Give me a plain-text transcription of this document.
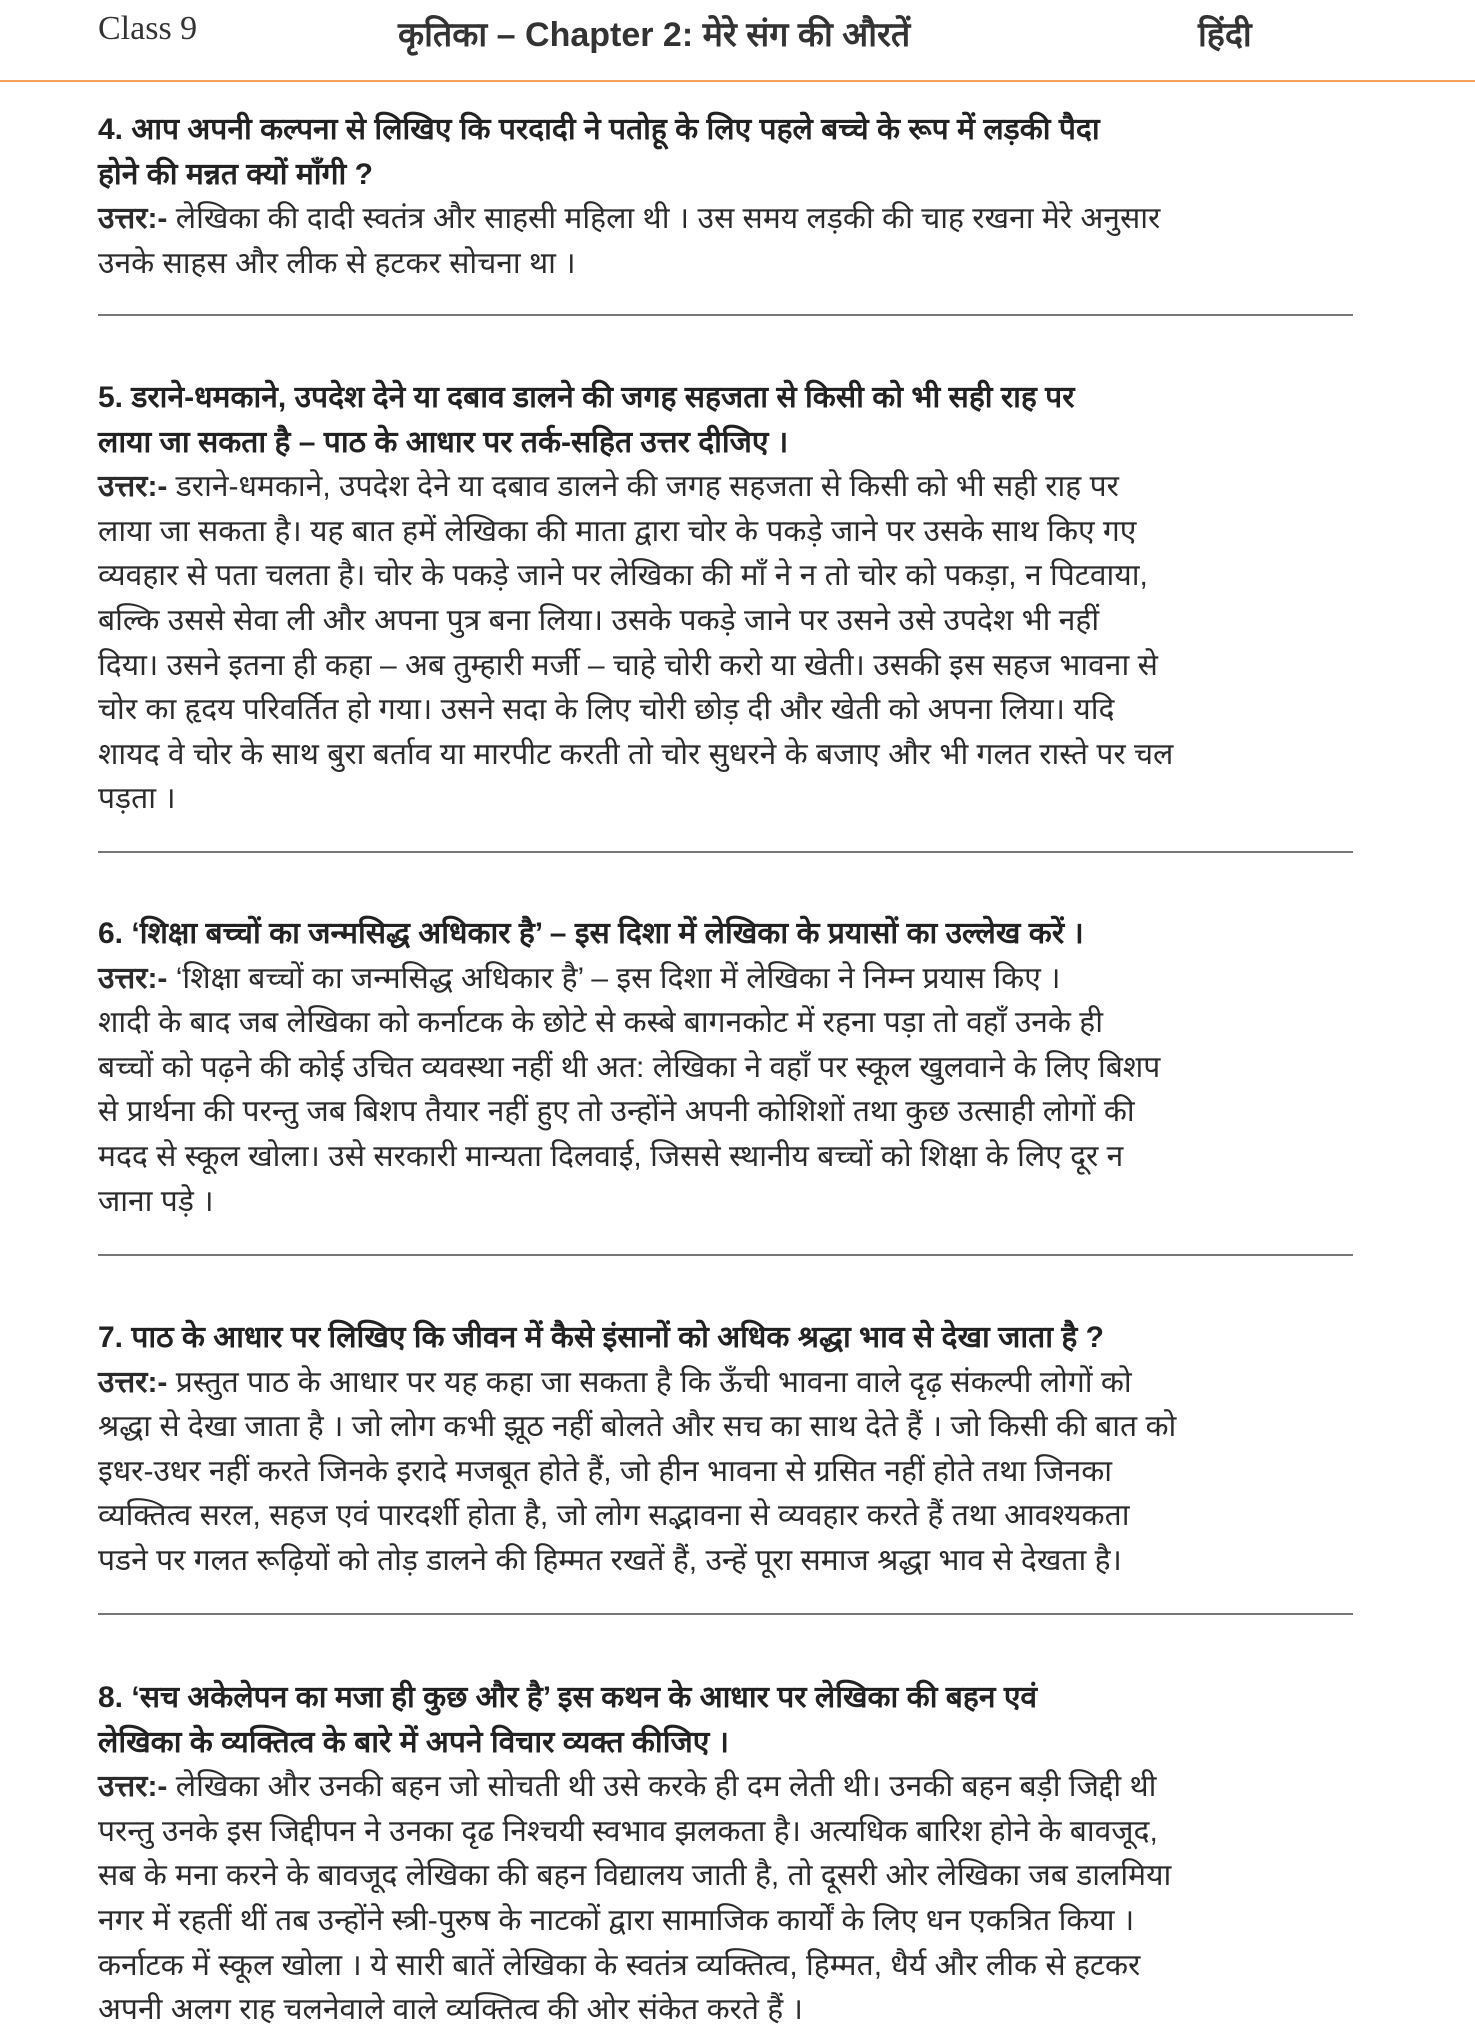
Class 9	कृतिका – Chapter 2: मेरे संग की औरतें	हिंदी
4. आप अपनी कल्पना से लिखिए कि परदादी ने पतोहू के लिए पहले बच्चे के रूप में लड़की पैदा
होने की मन्नत क्यों माँगी ?
उत्तर:- लेखिका की दादी स्वतंत्र और साहसी महिला थी । उस समय लड़की की चाह रखना मेरे अनुसार
उनके साहस और लीक से हटकर सोचना था ।
5. डराने-धमकाने, उपदेश देने या दबाव डालने की जगह सहजता से किसी को भी सही राह पर
लाया जा सकता है – पाठ के आधार पर तर्क-सहित उत्तर दीजिए ।
उत्तर:- डराने-धमकाने, उपदेश देने या दबाव डालने की जगह सहजता से किसी को भी सही राह पर
लाया जा सकता है। यह बात हमें लेखिका की माता द्वारा चोर के पकड़े जाने पर उसके साथ किए गए
व्यवहार से पता चलता है। चोर के पकड़े जाने पर लेखिका की माँ ने न तो चोर को पकड़ा, न पिटवाया,
बल्कि उससे सेवा ली और अपना पुत्र बना लिया। उसके पकड़े जाने पर उसने उसे उपदेश भी नहीं
दिया। उसने इतना ही कहा – अब तुम्हारी मर्जी – चाहे चोरी करो या खेती। उसकी इस सहज भावना से
चोर का हृदय परिवर्तित हो गया। उसने सदा के लिए चोरी छोड़ दी और खेती को अपना लिया। यदि
शायद वे चोर के साथ बुरा बर्ताव या मारपीट करती तो चोर सुधरने के बजाए और भी गलत रास्ते पर चल
पड़ता ।
6. ‘शिक्षा बच्चों का जन्मसिद्ध अधिकार है’ – इस दिशा में लेखिका के प्रयासों का उल्लेख करें ।
उत्तर:- ‘शिक्षा बच्चों का जन्मसिद्ध अधिकार है’ – इस दिशा में लेखिका ने निम्न प्रयास किए ।
शादी के बाद जब लेखिका को कर्नाटक के छोटे से कस्बे बागनकोट में रहना पड़ा तो वहाँ उनके ही
बच्चों को पढ़ने की कोई उचित व्यवस्था नहीं थी अत: लेखिका ने वहाँ पर स्कूल खुलवाने के लिए बिशप
से प्रार्थना की परन्तु जब बिशप तैयार नहीं हुए तो उन्होंने अपनी कोशिशों तथा कुछ उत्साही लोगों की
मदद से स्कूल खोला। उसे सरकारी मान्यता दिलवाई, जिससे स्थानीय बच्चों को शिक्षा के लिए दूर न
जाना पड़े ।
7. पाठ के आधार पर लिखिए कि जीवन में कैसे इंसानों को अधिक श्रद्धा भाव से देखा जाता है ?
उत्तर:- प्रस्तुत पाठ के आधार पर यह कहा जा सकता है कि ऊँची भावना वाले दृढ़ संकल्पी लोगों को
श्रद्धा से देखा जाता है । जो लोग कभी झूठ नहीं बोलते और सच का साथ देते हैं । जो किसी की बात को
इधर-उधर नहीं करते जिनके इरादे मजबूत होते हैं, जो हीन भावना से ग्रसित नहीं होते तथा जिनका
व्यक्तित्व सरल, सहज एवं पारदर्शी होता है, जो लोग सद्भावना से व्यवहार करते हैं तथा आवश्यकता
पडने पर गलत रूढ़ियों को तोड़ डालने की हिम्मत रखतें हैं, उन्हें पूरा समाज श्रद्धा भाव से देखता है।
8. ‘सच अकेलेपन का मजा ही कुछ और है’ इस कथन के आधार पर लेखिका की बहन एवं
लेखिका के व्यक्तित्व के बारे में अपने विचार व्यक्त कीजिए ।
उत्तर:- लेखिका और उनकी बहन जो सोचती थी उसे करके ही दम लेती थी। उनकी बहन बड़ी जिद्दी थी
परन्तु उनके इस जिद्दीपन ने उनका दृढ निश्चयी स्वभाव झलकता है। अत्यधिक बारिश होने के बावजूद,
सब के मना करने के बावजूद लेखिका की बहन विद्यालय जाती है, तो दूसरी ओर लेखिका जब डालमिया
नगर में रहतीं थीं तब उन्होंने स्त्री-पुरुष के नाटकों द्वारा सामाजिक कार्यों के लिए धन एकत्रित किया ।
कर्नाटक में स्कूल खोला । ये सारी बातें लेखिका के स्वतंत्र व्यक्तित्व, हिम्मत, धैर्य और लीक से हटकर
अपनी अलग राह चलनेवाले वाले व्यक्तित्व की ओर संकेत करते हैं ।
